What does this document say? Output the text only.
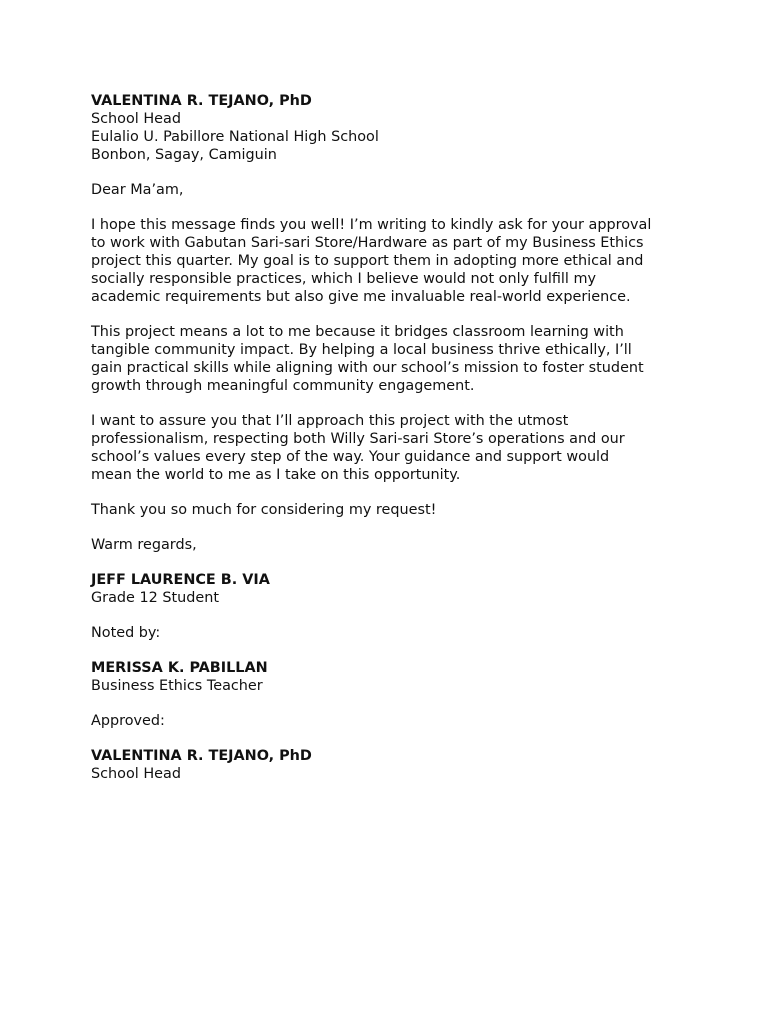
VALENTINA R. TEJANO, PhD
School Head
Eulalio U. Pabillore National High School
Bonbon, Sagay, Camiguin
Dear Ma’am,
I hope this message finds you well! I’m writing to kindly ask for your approval
to work with Gabutan Sari-sari Store/Hardware as part of my Business Ethics
project this quarter. My goal is to support them in adopting more ethical and
socially responsible practices, which I believe would not only fulfill my
academic requirements but also give me invaluable real-world experience.
This project means a lot to me because it bridges classroom learning with
tangible community impact. By helping a local business thrive ethically, I’ll
gain practical skills while aligning with our school’s mission to foster student
growth through meaningful community engagement.
I want to assure you that I’ll approach this project with the utmost
professionalism, respecting both Willy Sari-sari Store’s operations and our
school’s values every step of the way. Your guidance and support would
mean the world to me as I take on this opportunity.
Thank you so much for considering my request!
Warm regards,
JEFF LAURENCE B. VIA
Grade 12 Student
Noted by:
MERISSA K. PABILLAN
Business Ethics Teacher
Approved:
VALENTINA R. TEJANO, PhD
School Head
